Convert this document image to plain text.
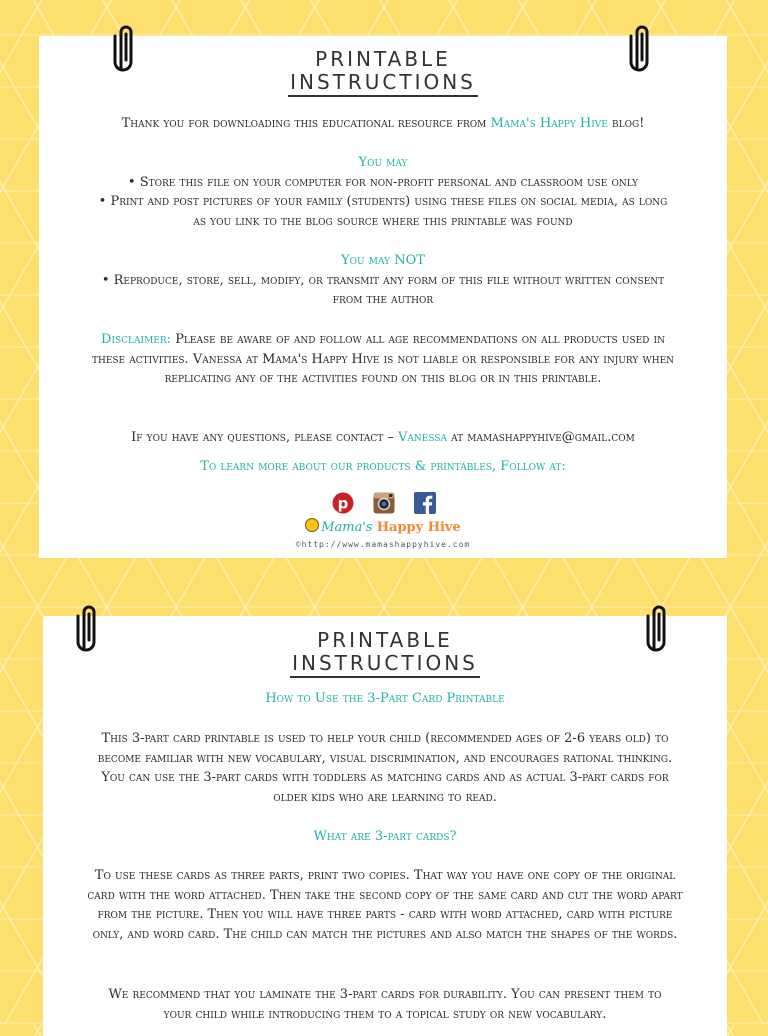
PRINTABLE
INSTRUCTIONS
Thank you for downloading this educational resource from Mama's Happy Hive blog!

You may

• Store this file on your computer for non-profit personal and classroom use only

• Print and post pictures of your family (students) using these files on social media, as long as you link to the blog source where this printable was found

You may NOT

• Reproduce, store, sell, modify, or transmit any form of this file without written consent from the author

Disclaimer: Please be aware of and follow all age recommendations on all products used in these activities. Vanessa at Mama's Happy Hive is not liable or responsible for any injury when replicating any of the activities found on this blog or in this printable.
If you have any questions, please contact – Vanessa at mamashappyhive@gmail.com
To learn more about our products & printables, Follow at:
p
Mama's Happy Hive
©http://www.mamashappyhive.com
PRINTABLE
INSTRUCTIONS
How to Use the 3-Part Card Printable
This 3-part card printable is used to help your child (recommended ages of 2-6 years old) to become familiar with new vocabulary, visual discrimination, and encourages rational thinking. You can use the 3-part cards with toddlers as matching cards and as actual 3-part cards for older kids who are learning to read.
What are 3-part cards?
To use these cards as three parts, print two copies. That way you have one copy of the original card with the word attached. Then take the second copy of the same card and cut the word apart from the picture. Then you will have three parts - card with word attached, card with picture only, and word card. The child can match the pictures and also match the shapes of the words.
We recommend that you laminate the 3-part cards for durability. You can present them to your child while introducing them to a topical study or new vocabulary.
